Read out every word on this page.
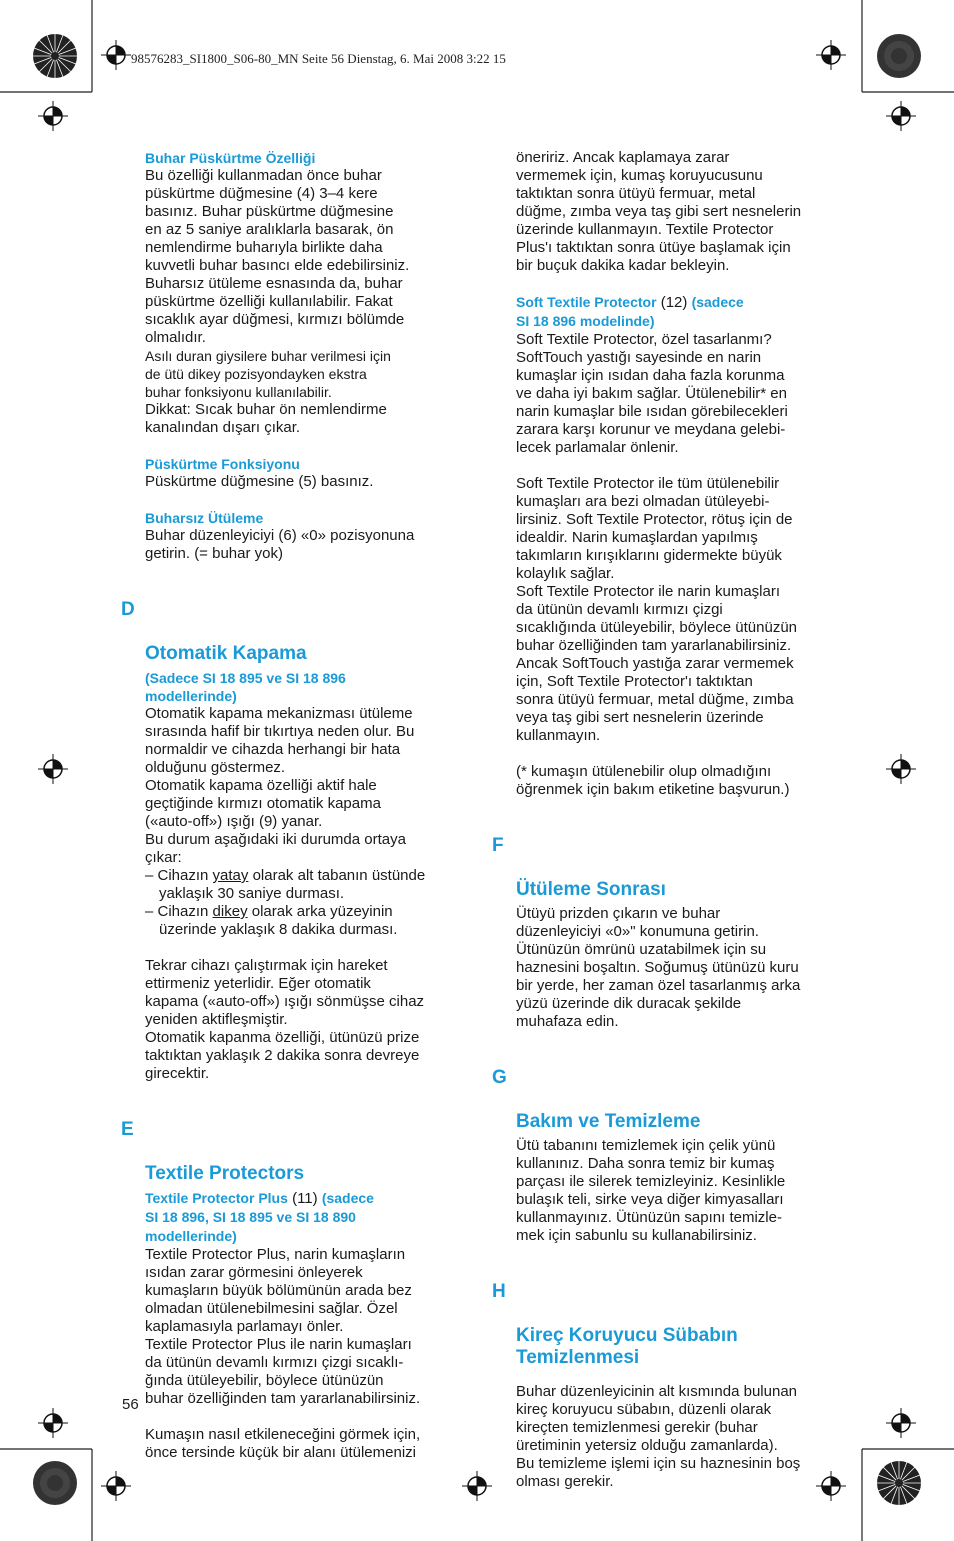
98576283_SI1800_S06-80_MN Seite 56 Dienstag, 6. Mai 2008 3:22 15

Buhar Püskürtme Özelliği

Bu özelliği kullanmadan önce buhar
püskürtme düğmesine (4) 3–4 kere
basınız. Buhar püskürtme düğmesine
en az 5 saniye aralıklarla basarak, ön
nemlendirme buharıyla birlikte daha
kuvvetli buhar basıncı elde edebilirsiniz.
Buharsız ütüleme esnasında da, buhar
püskürtme özelliği kullanılabilir. Fakat
sıcaklık ayar düğmesi, kırmızı bölümde
olmalıdır.

Asılı duran giysilere buhar verilmesi için
de ütü dikey pozisyondayken ekstra
buhar fonksiyonu kullanılabilir.

Dikkat: Sıcak buhar ön nemlendirme
kanalından dışarı çıkar.

Püskürtme Fonksiyonu

Püskürtme düğmesine (5) basınız.

Buharsız Ütüleme

Buhar düzenleyiciyi (6) «0» pozisyonuna
getirin. (= buhar yok)

D

Otomatik Kapama

(Sadece SI 18 895 ve SI 18 896
modellerinde)

Otomatik kapama mekanizması ütüleme
sırasında hafif bir tıkırtıya neden olur. Bu
normaldir ve cihazda herhangi bir hata
olduğunu göstermez.

Otomatik kapama özelliği aktif hale
geçtiğinde kırmızı otomatik kapama
(«auto-off») ışığı (9) yanar.

Bu durum aşağıdaki iki durumda ortaya
çıkar:

– Cihazın yatay olarak alt tabanın üstünde
yaklaşık 30 saniye durması.

– Cihazın dikey olarak arka yüzeyinin
üzerinde yaklaşık 8 dakika durması.

Tekrar cihazı çalıştırmak için hareket
ettirmeniz yeterlidir. Eğer otomatik
kapama («auto-off») ışığı sönmüşse cihaz
yeniden aktifleşmiştir.

Otomatik kapanma özelliği, ütünüzü prize
taktıktan yaklaşık 2 dakika sonra devreye
girecektir.

E

Textile Protectors

Textile Protector Plus (11) (sadece
SI 18 896, SI 18 895 ve SI 18 890
modellerinde)

Textile Protector Plus, narin kumaşların
ısıdan zarar görmesini önleyerek
kumaşların büyük bölümünün arada bez
olmadan ütülenebilmesini sağlar. Özel
kaplamasıyla parlamayı önler.

Textile Protector Plus ile narin kumaşları
da ütünün devamlı kırmızı çizgi sıcaklı-
ğında ütüleyebilir, böylece ütünüzün
buhar özelliğinden tam yararlanabilirsiniz.

Kumaşın nasıl etkileneceğini görmek için,
önce tersinde küçük bir alanı ütülemenizi

öneririz. Ancak kaplamaya zarar
vermemek için, kumaş koruyucusunu
taktıktan sonra ütüyü fermuar, metal
düğme, zımba veya taş gibi sert nesnelerin
üzerinde kullanmayın. Textile Protector
Plus'ı taktıktan sonra ütüye başlamak için
bir buçuk dakika kadar bekleyin.

Soft Textile Protector (12) (sadece
SI 18 896 modelinde)

Soft Textile Protector, özel tasarlanmı?
SoftTouch yastığı sayesinde en narin
kumaşlar için ısıdan daha fazla korunma
ve daha iyi bakım sağlar. Ütülenebilir* en
narin kumaşlar bile ısıdan görebilecekleri
zarara karşı korunur ve meydana gelebi-
lecek parlamalar önlenir.

Soft Textile Protector ile tüm ütülenebilir
kumaşları ara bezi olmadan ütüleyebi-
lirsiniz. Soft Textile Protector, rötuş için de
idealdir. Narin kumaşlardan yapılmış
takımların kırışıklarını gidermekte büyük
kolaylık sağlar.

Soft Textile Protector ile narin kumaşları
da ütünün devamlı kırmızı çizgi
sıcaklığında ütüleyebilir, böylece ütünüzün
buhar özelliğinden tam yararlanabilirsiniz.
Ancak SoftTouch yastığa zarar vermemek
için, Soft Textile Protector'ı taktıktan
sonra ütüyü fermuar, metal düğme, zımba
veya taş gibi sert nesnelerin üzerinde
kullanmayın.

(* kumaşın ütülenebilir olup olmadığını
öğrenmek için bakım etiketine başvurun.)

F

Ütüleme Sonrası

Ütüyü prizden çıkarın ve buhar
düzenleyiciyi «0»" konumuna getirin.
Ütünüzün ömrünü uzatabilmek için su
haznesini boşaltın. Soğumuş ütünüzü kuru
bir yerde, her zaman özel tasarlanmış arka
yüzü üzerinde dik duracak şekilde
muhafaza edin.

G

Bakım ve Temizleme

Ütü tabanını temizlemek için çelik yünü
kullanınız. Daha sonra temiz bir kumaş
parçası ile silerek temizleyiniz. Kesinlikle
bulaşık teli, sirke veya diğer kimyasalları
kullanmayınız. Ütünüzün sapını temizle-
mek için sabunlu su kullanabilirsiniz.

H

Kireç Koruyucu Sübabın
Temizlenmesi

Buhar düzenleyicinin alt kısmında bulunan
kireç koruyucu sübabın, düzenli olarak
kireçten temizlenmesi gerekir (buhar
üretiminin yetersiz olduğu zamanlarda).
Bu temizleme işlemi için su haznesinin boş
olması gerekir.

56
